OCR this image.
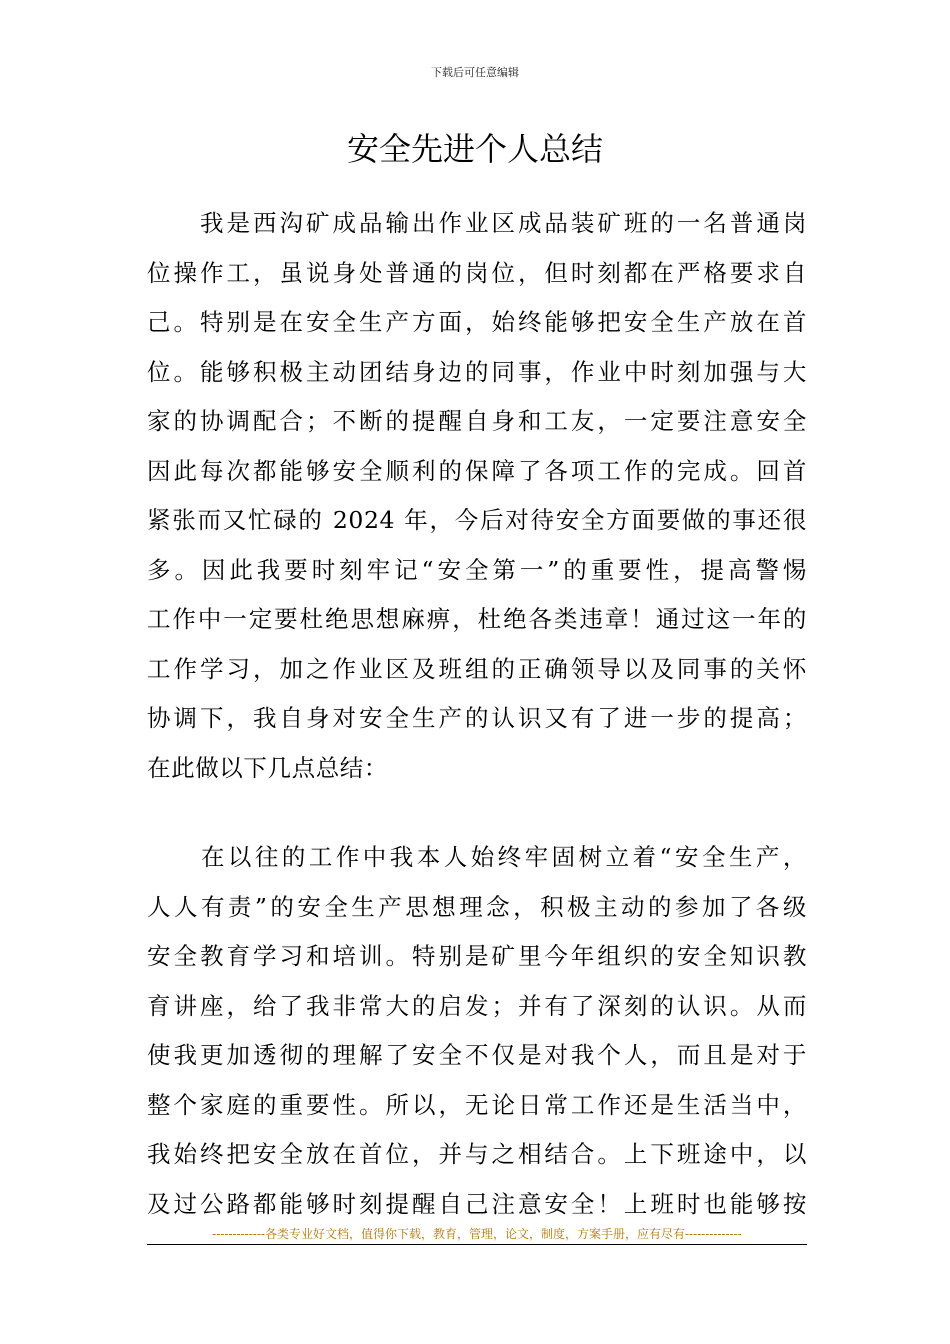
下载后可任意编辑
安全先进个人总结

　　我是西沟矿成品输出作业区成品装矿班的一名普通岗
位操作工，虽说身处普通的岗位，但时刻都在严格要求自
己。特别是在安全生产方面，始终能够把安全生产放在首
位。能够积极主动团结身边的同事，作业中时刻加强与大
家的协调配合；不断的提醒自身和工友，一定要注意安全
因此每次都能够安全顺利的保障了各项工作的完成。回首
紧张而又忙碌的 2024 年，今后对待安全方面要做的事还很
多。因此我要时刻牢记“安全第一”的重要性，提高警惕
工作中一定要杜绝思想麻痹，杜绝各类违章！通过这一年的
工作学习，加之作业区及班组的正确领导以及同事的关怀
协调下，我自身对安全生产的认识又有了进一步的提高；
在此做以下几点总结：

　　在以往的工作中我本人始终牢固树立着“安全生产，
人人有责”的安全生产思想理念，积极主动的参加了各级
安全教育学习和培训。特别是矿里今年组织的安全知识教
育讲座，给了我非常大的启发；并有了深刻的认识。从而
使我更加透彻的理解了安全不仅是对我个人，而且是对于
整个家庭的重要性。所以，无论日常工作还是生活当中，
我始终把安全放在首位，并与之相结合。上下班途中，以
及过公路都能够时刻提醒自己注意安全！上班时也能够按

-------------各类专业好文档，值得你下载，教育，管理，论文，制度，方案手册，应有尽有--------------
